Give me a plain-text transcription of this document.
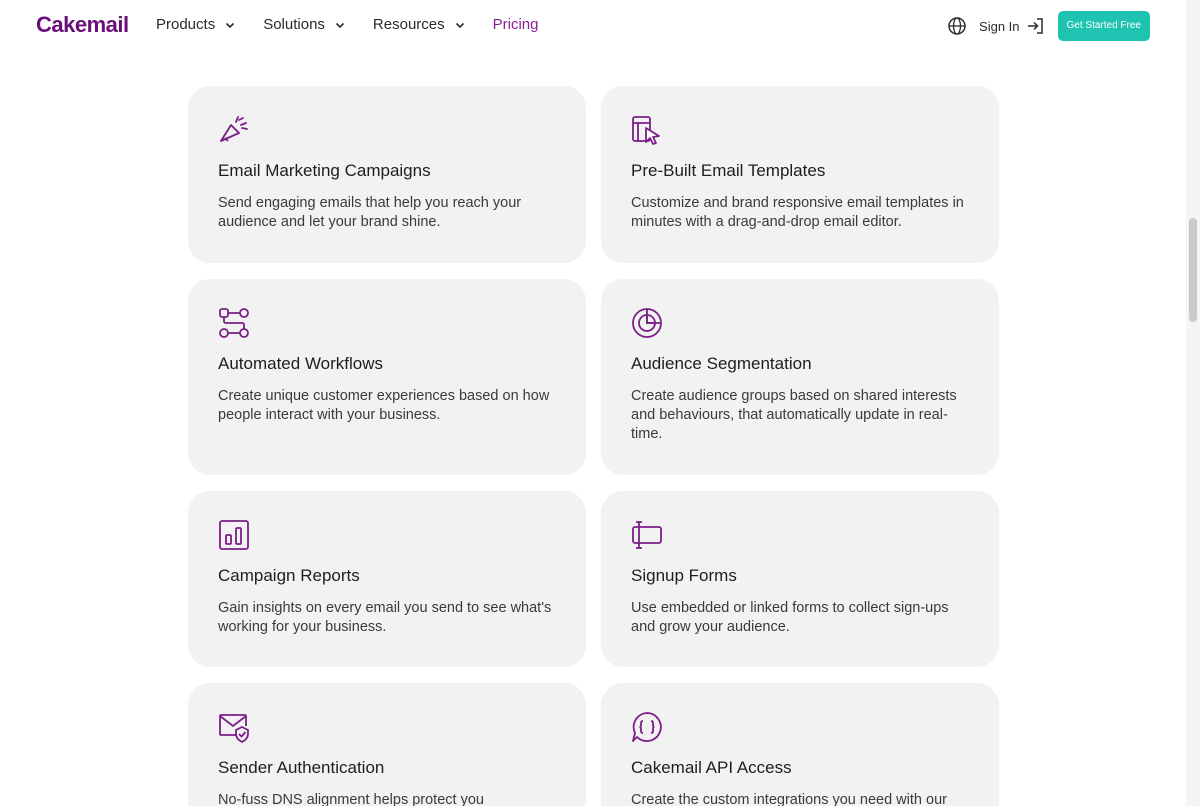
Cakemail Products	Solutions	Resources	Pricing	Sign In	Get Started Free
Email Marketing Campaigns
Send engaging emails that help you reach your audience and let your brand shine.
Pre-Built Email Templates
Customize and brand responsive email templates in minutes with a drag-and-drop email editor.
Automated Workflows
Create unique customer experiences based on how people interact with your business.
Audience Segmentation
Create audience groups based on shared interests and behaviours, that automatically update in real-time.
Campaign Reports
Gain insights on every email you send to see what's working for your business.
Signup Forms
Use embedded or linked forms to collect sign-ups and grow your audience.
Sender Authentication
No-fuss DNS alignment helps protect you
Cakemail API Access
Create the custom integrations you need with our
